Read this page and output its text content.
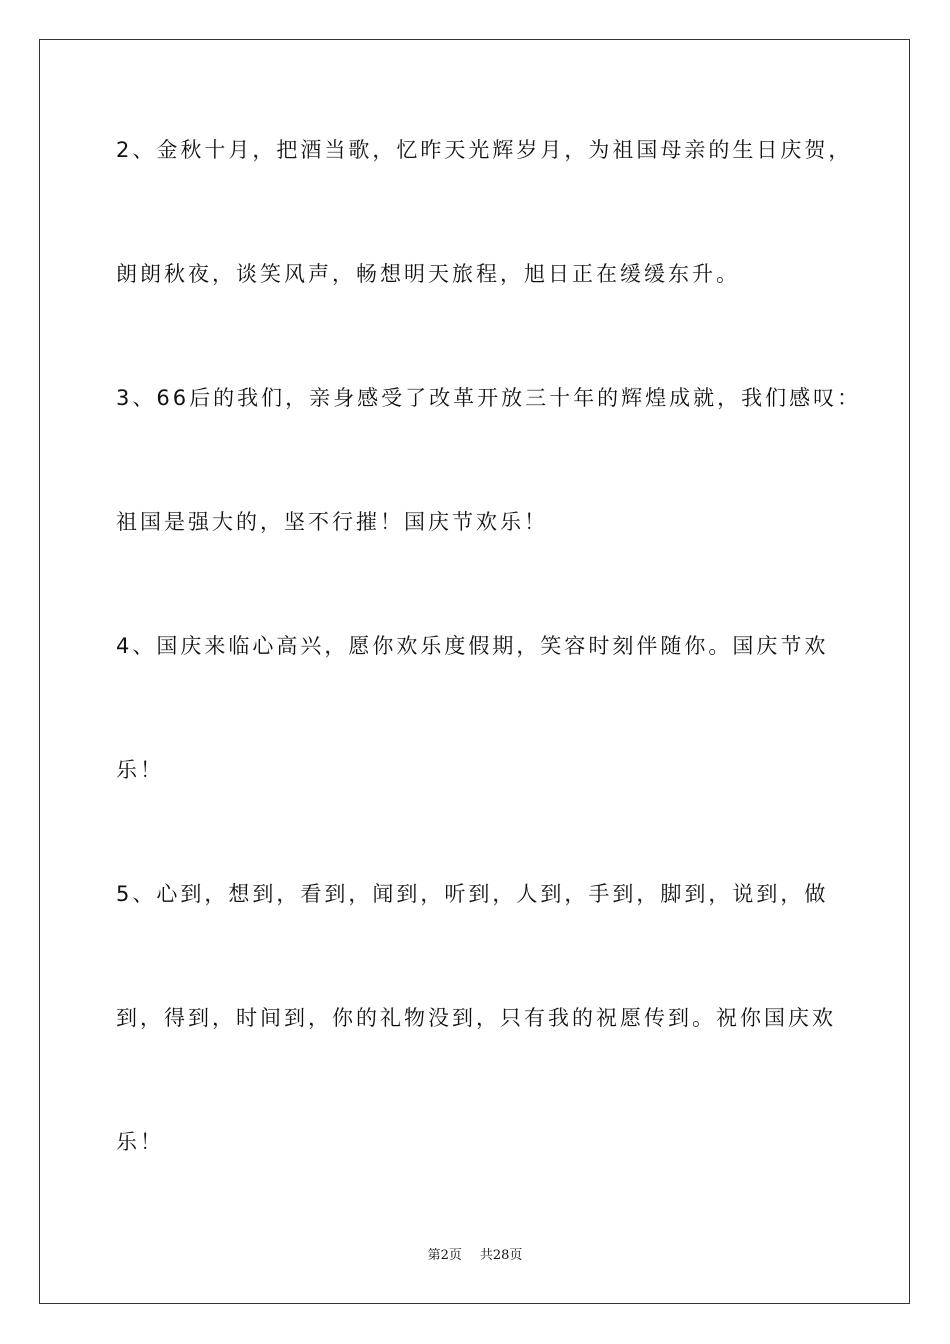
2、金秋十月，把酒当歌，忆昨天光辉岁月，为祖国母亲的生日庆贺，
朗朗秋夜，谈笑风声，畅想明天旅程，旭日正在缓缓东升。
3、66后的我们，亲身感受了改革开放三十年的辉煌成就，我们感叹：
祖国是强大的，坚不行摧！国庆节欢乐！
4、国庆来临心高兴，愿你欢乐度假期，笑容时刻伴随你。国庆节欢
乐！
5、心到，想到，看到，闻到，听到，人到，手到，脚到，说到，做
到，得到，时间到，你的礼物没到，只有我的祝愿传到。祝你国庆欢
乐！
第2页 共28页
